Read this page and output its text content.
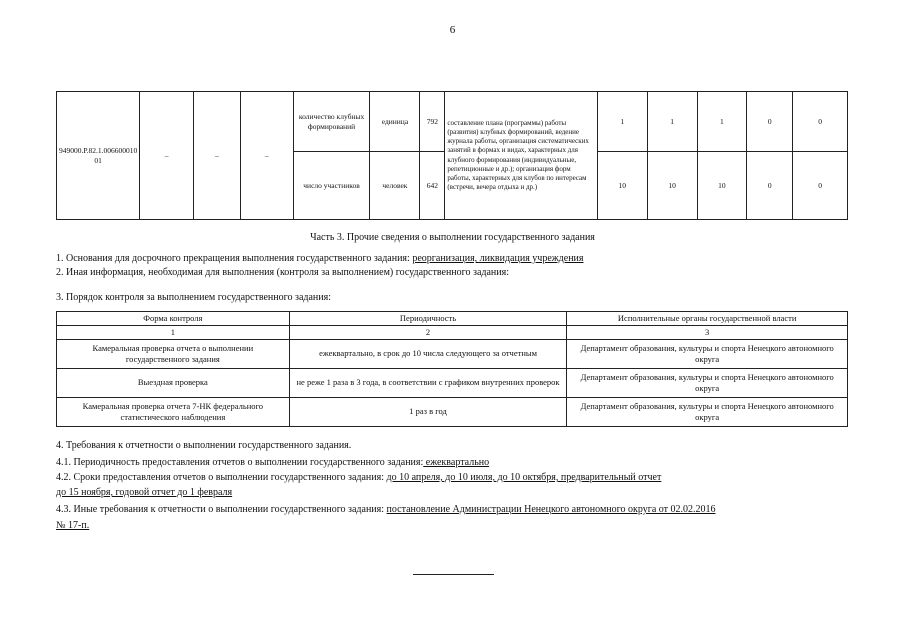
6
949000.Р.82.1.006600010 01	–	–	–	количество клубных формирований	единица	792	составление плана (программы) работы (развития) клубных формирований, ведение журнала работы, организация систематических занятий в формах и видах, характерных для клубного формирования (индивидуальные, репетиционные и др.); организация форм работы, характерных для клубов по интересам (встречи, вечера отдыха и др.)	1	1	1	0	0
				число участников	человек	642		10	10	10	0	0
Часть 3. Прочие сведения о выполнении государственного задания
1. Основания для досрочного прекращения выполнения государственного задания: реорганизация, ликвидация учреждения
2. Иная информация, необходимая для выполнения (контроля за выполнением) государственного задания:
3. Порядок контроля за выполнением государственного задания:
Форма контроля	Периодичность	Исполнительные органы государственной власти
1	2	3
Камеральная проверка отчета о выполнении государственного задания	ежеквартально, в срок до 10 числа следующего за отчетным	Департамент образования, культуры и спорта Ненецкого автономного округа
Выездная проверка	не реже 1 раза в 3 года, в соответствии с графиком внутренних проверок	Департамент образования, культуры и спорта Ненецкого автономного округа
Камеральная проверка отчета 7-НК федерального статистического наблюдения	1 раз в год	Департамент образования, культуры и спорта Ненецкого автономного округа
4. Требования к отчетности о выполнении государственного задания.
4.1. Периодичность предоставления отчетов о выполнении государственного задания: ежеквартально
4.2. Сроки предоставления отчетов о выполнении государственного задания: до 10 апреля, до 10 июля, до 10 октября, предварительный отчет
до 15 ноября, годовой отчет до 1 февраля
4.3. Иные требования к отчетности о выполнении государственного задания: постановление Администрации Ненецкого автономного округа от 02.02.2016
№ 17-п.
